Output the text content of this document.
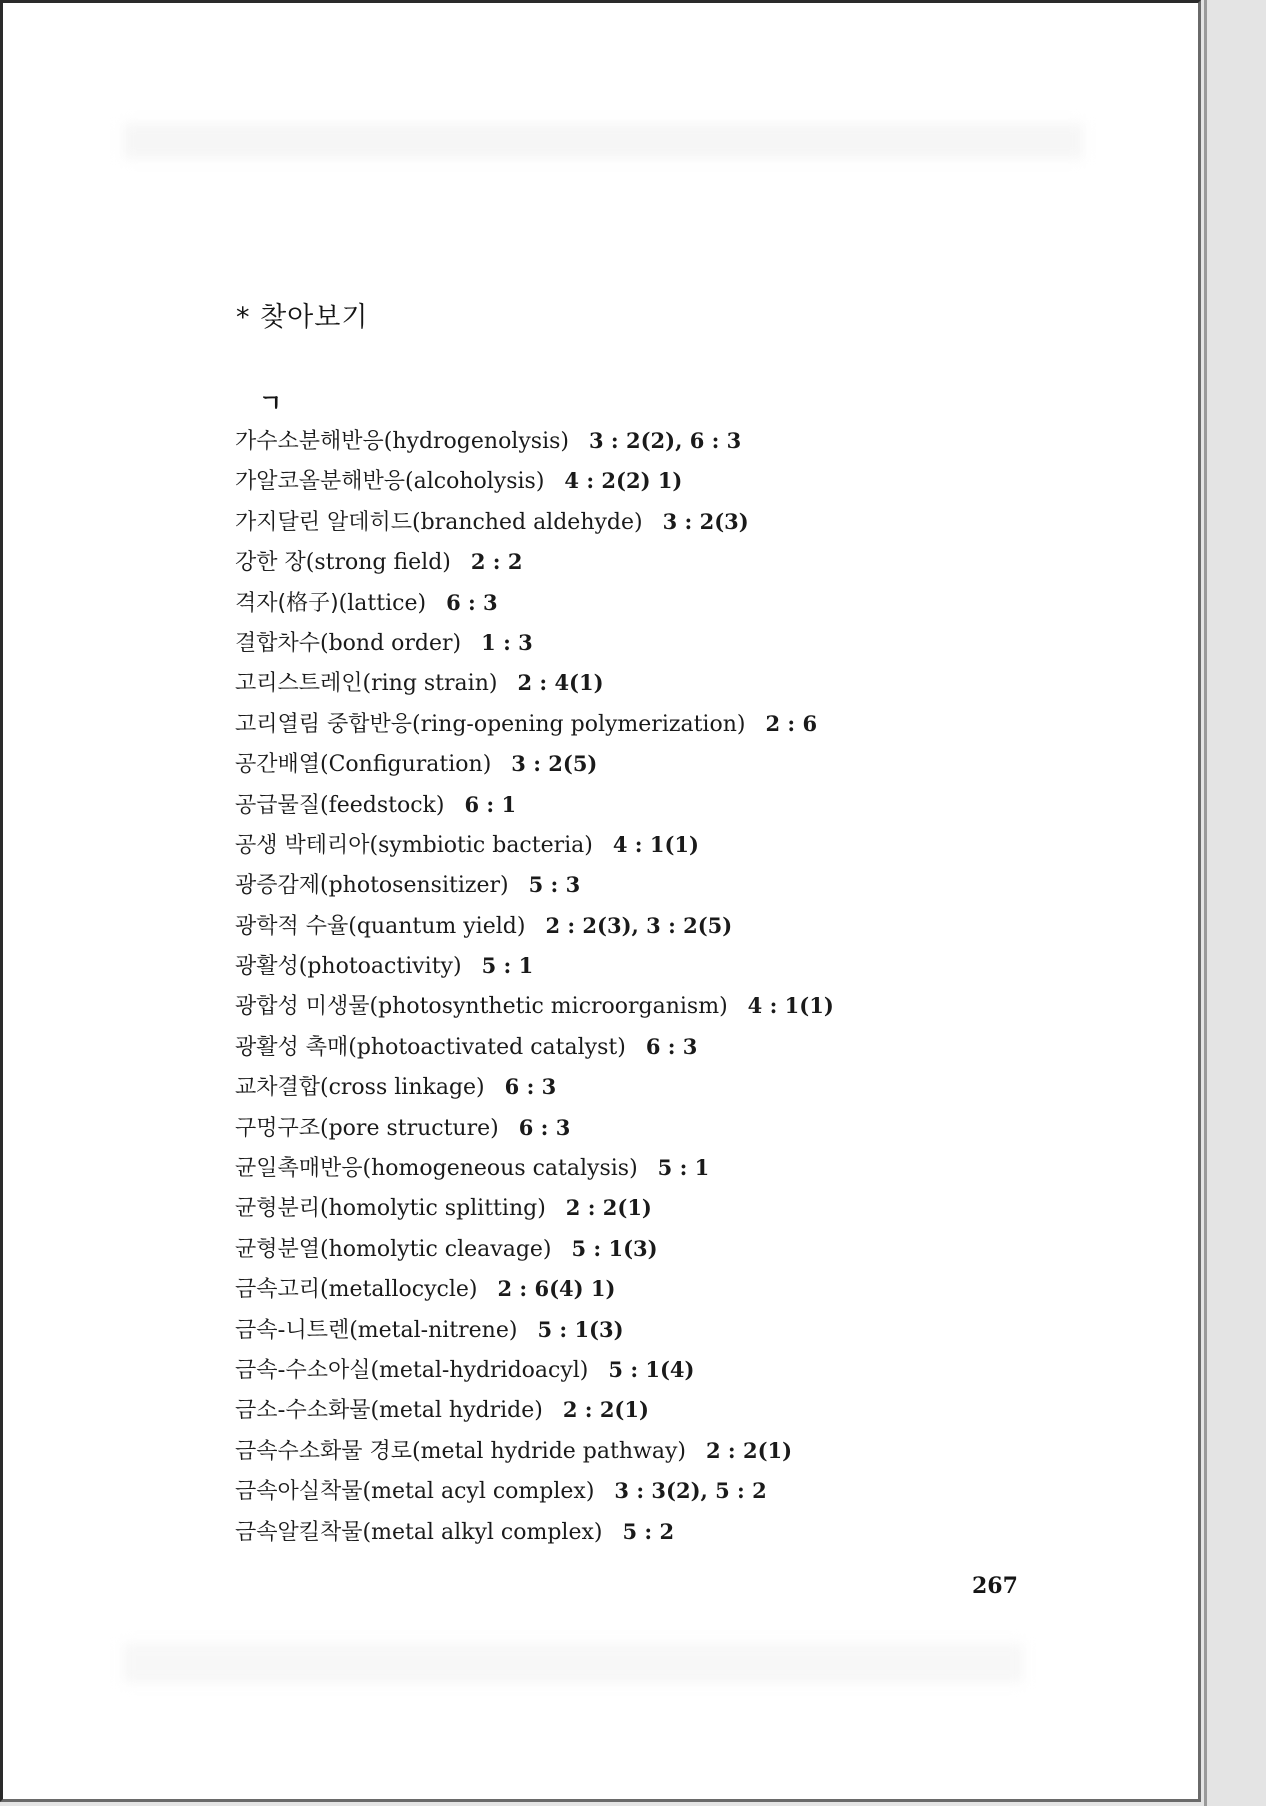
* 찾아보기
ㄱ
가수소분해반응(hydrogenolysis) 3 : 2(2), 6 : 3
가알코올분해반응(alcoholysis) 4 : 2(2) 1)
가지달린 알데히드(branched aldehyde) 3 : 2(3)
강한 장(strong field) 2 : 2
격자(格子)(lattice) 6 : 3
결합차수(bond order) 1 : 3
고리스트레인(ring strain) 2 : 4(1)
고리열림 중합반응(ring-opening polymerization) 2 : 6
공간배열(Configuration) 3 : 2(5)
공급물질(feedstock) 6 : 1
공생 박테리아(symbiotic bacteria) 4 : 1(1)
광증감제(photosensitizer) 5 : 3
광학적 수율(quantum yield) 2 : 2(3), 3 : 2(5)
광활성(photoactivity) 5 : 1
광합성 미생물(photosynthetic microorganism) 4 : 1(1)
광활성 촉매(photoactivated catalyst) 6 : 3
교차결합(cross linkage) 6 : 3
구멍구조(pore structure) 6 : 3
균일촉매반응(homogeneous catalysis) 5 : 1
균형분리(homolytic splitting) 2 : 2(1)
균형분열(homolytic cleavage) 5 : 1(3)
금속고리(metallocycle) 2 : 6(4) 1)
금속-니트렌(metal-nitrene) 5 : 1(3)
금속-수소아실(metal-hydridoacyl) 5 : 1(4)
금소-수소화물(metal hydride) 2 : 2(1)
금속수소화물 경로(metal hydride pathway) 2 : 2(1)
금속아실착물(metal acyl complex) 3 : 3(2), 5 : 2
금속알킬착물(metal alkyl complex) 5 : 2
267
